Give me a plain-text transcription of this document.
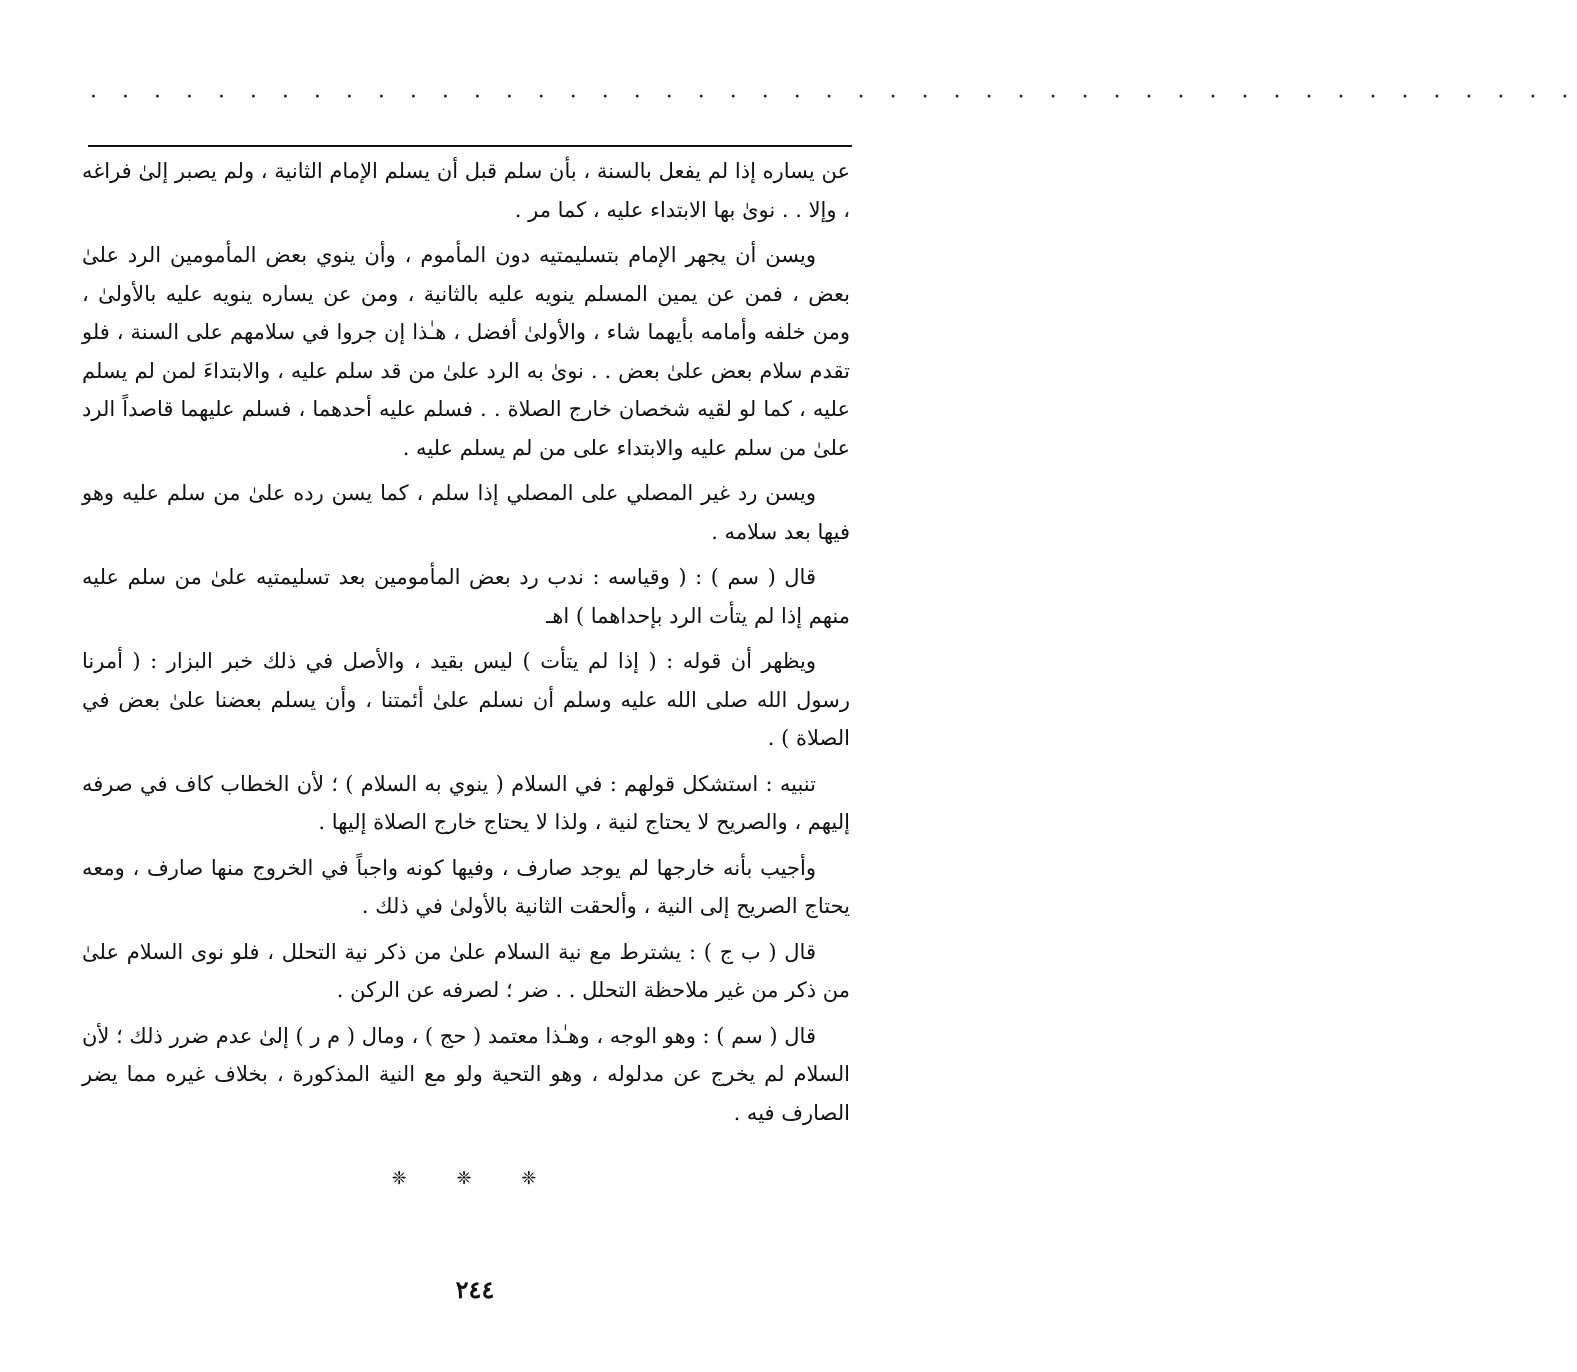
· · · · · · · · · · · · · · · · · · · · · · · · · · · · · · · · · · · · · · · · · · · · · · ·

عن يساره إذا لم يفعل بالسنة ، بأن سلم قبل أن يسلم الإمام الثانية ، ولم يصبر إلىٰ فراغه ، وإلا . . نوىٰ بها الابتداء عليه ، كما مر .

ويسن أن يجهر الإمام بتسليمتيه دون المأموم ، وأن ينوي بعض المأمومين الرد علىٰ بعض ، فمن عن يمين المسلم ينويه عليه بالثانية ، ومن عن يساره ينويه عليه بالأولىٰ ، ومن خلفه وأمامه بأيهما شاء ، والأولىٰ أفضل ، هـٰذا إن جروا في سلامهم على السنة ، فلو تقدم سلام بعض علىٰ بعض . . نوىٰ به الرد علىٰ من قد سلم عليه ، والابتداءَ لمن لم يسلم عليه ، كما لو لقيه شخصان خارج الصلاة . . فسلم عليه أحدهما ، فسلم عليهما قاصداً الرد علىٰ من سلم عليه والابتداء على من لم يسلم عليه .

ويسن رد غير المصلي على المصلي إذا سلم ، كما يسن رده علىٰ من سلم عليه وهو فيها بعد سلامه .

قال ( سم ) : ( وقياسه : ندب رد بعض المأمومين بعد تسليمتيه علىٰ من سلم عليه منهم إذا لم يتأت الرد بإحداهما ) اهـ

ويظهر أن قوله : ( إذا لم يتأت ) ليس بقيد ، والأصل في ذلك خبر البزار : ( أمرنا رسول الله صلى الله عليه وسلم أن نسلم علىٰ أئمتنا ، وأن يسلم بعضنا علىٰ بعض في الصلاة ) .

تنبيه : استشكل قولهم : في السلام ( ينوي به السلام ) ؛ لأن الخطاب كاف في صرفه إليهم ، والصريح لا يحتاج لنية ، ولذا لا يحتاج خارج الصلاة إليها .

وأجيب بأنه خارجها لم يوجد صارف ، وفيها كونه واجباً في الخروج منها صارف ، ومعه يحتاج الصريح إلى النية ، وألحقت الثانية بالأولىٰ في ذلك .

قال ( ب ج ) : يشترط مع نية السلام علىٰ من ذكر نية التحلل ، فلو نوى السلام علىٰ من ذكر من غير ملاحظة التحلل . . ضر ؛ لصرفه عن الركن .

قال ( سم ) : وهو الوجه ، وهـٰذا معتمد ( حج ) ، ومال ( م ر ) إلىٰ عدم ضرر ذلك ؛ لأن السلام لم يخرج عن مدلوله ، وهو التحية ولو مع النية المذكورة ، بخلاف غيره مما يضر الصارف فيه .

❈ ❈ ❈
٢٤٤
